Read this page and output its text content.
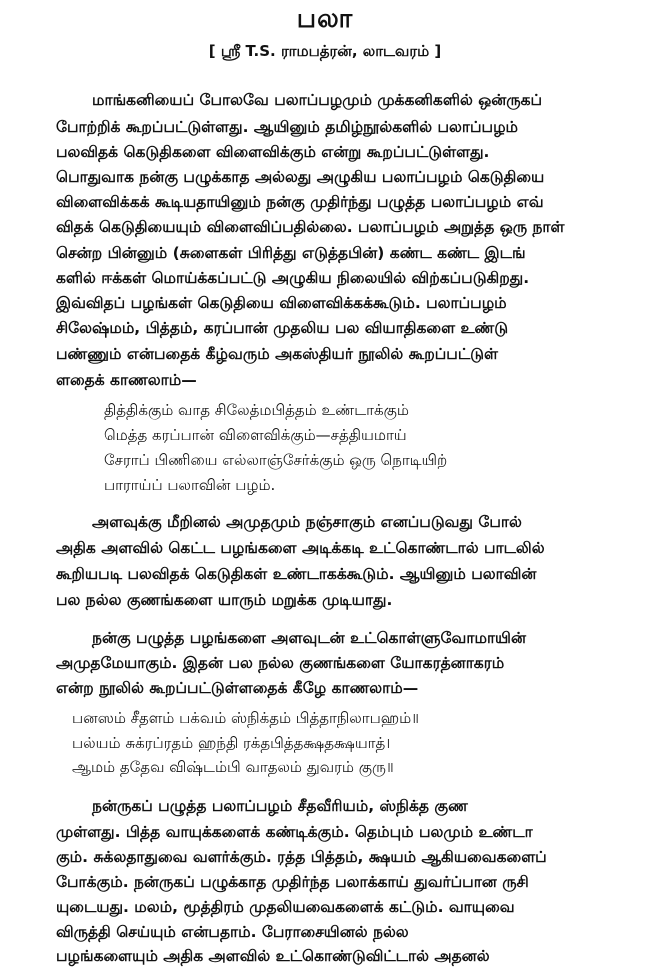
பலா
[ ஸ்ரீ T.S. ராமபத்ரன், லாடவரம் ]
மாங்கனியைப் போலவே பலாப்பழமும் முக்கனிகளில் ஒன்ருகப்
போற்றிக் கூறப்பட்டுள்ளது. ஆயினும் தமிழ்நூல்களில் பலாப்பழம்
பலவிதக் கெடுதிகளை விளைவிக்கும் என்று கூறப்பட்டுள்ளது.
பொதுவாக நன்கு பழுக்காத அல்லது அழுகிய பலாப்பழம் கெடுதியை
விளைவிக்கக் கூடியதாயினும் நன்கு முதிர்ந்து பழுத்த பலாப்பழம் எவ்
விதக் கெடுதியையும் விளைவிப்பதில்லை. பலாப்பழம் அறுத்த ஒரு நாள்
சென்ற பின்னும் (சுளைகள் பிரித்து எடுத்தபின்) கண்ட கண்ட இடங்
களில் ஈக்கள் மொய்க்கப்பட்டு அழுகிய நிலையில் விற்கப்படுகிறது.
இவ்விதப் பழங்கள் கெடுதியை விளைவிக்கக்கூடும். பலாப்பழம்
சிலேஷ்மம், பித்தம், கரப்பான் முதலிய பல வியாதிகளை உண்டு
பண்ணும் என்பதைக் கீழ்வரும் அகஸ்தியர் நூலில் கூறப்பட்டுள்
ளதைக் காணலாம்—
தித்திக்கும் வாத சிலேத்மபித்தம் உண்டாக்கும்
மெத்த கரப்பான் விளைவிக்கும்—சத்தியமாய்
சேராப் பிணியை எல்லாஞ்சேர்க்கும் ஒரு நொடியிற்
பாராய்ப் பலாவின் பழம்.
அளவுக்கு மீறினல் அமுதமும் நஞ்சாகும் எனப்படுவது போல்
அதிக அளவில் கெட்ட பழங்களை அடிக்கடி உட்கொண்டால் பாடலில்
கூறியபடி பலவிதக் கெடுதிகள் உண்டாகக்கூடும். ஆயினும் பலாவின்
பல நல்ல குணங்களை யாரும் மறுக்க முடியாது.
நன்கு பழுத்த பழங்களை அளவுடன் உட்கொள்ளுவோமாயின்
அமுதமேயாகும். இதன் பல நல்ல குணங்களை யோகரத்னாகரம்
என்ற நூலில் கூறப்பட்டுள்ளதைக் கீழே காணலாம்—
பனஸம் சீதளம் பக்வம் ஸ்நிக்தம் பித்தாநிலாபஹம்॥
பல்யம் சுக்ரப்ரதம் ஹந்தி ரக்தபித்தக்ஷதக்ஷயாத்।
ஆமம் ததேவ விஷ்டம்பி வாதலம் துவரம் குரு॥
நன்ருகப் பழுத்த பலாப்பழம் சீதவீரியம், ஸ்நிக்த குண
முள்ளது. பித்த வாயுக்களைக் கண்டிக்கும். தெம்பும் பலமும் உண்டா
கும். சுக்லதாதுவை வளர்க்கும். ரத்த பித்தம், க்ஷயம் ஆகியவைகளைப்
போக்கும். நன்ருகப் பழுக்காத முதிர்ந்த பலாக்காய் துவர்ப்பான ருசி
யுடையது. மலம், மூத்திரம் முதலியவைகளைக் கட்டும். வாயுவை
விருத்தி செய்யும் என்பதாம். பேராசையினல் நல்ல
பழங்களையும் அதிக அளவில் உட்கொண்டுவிட்டால் அதனல்
